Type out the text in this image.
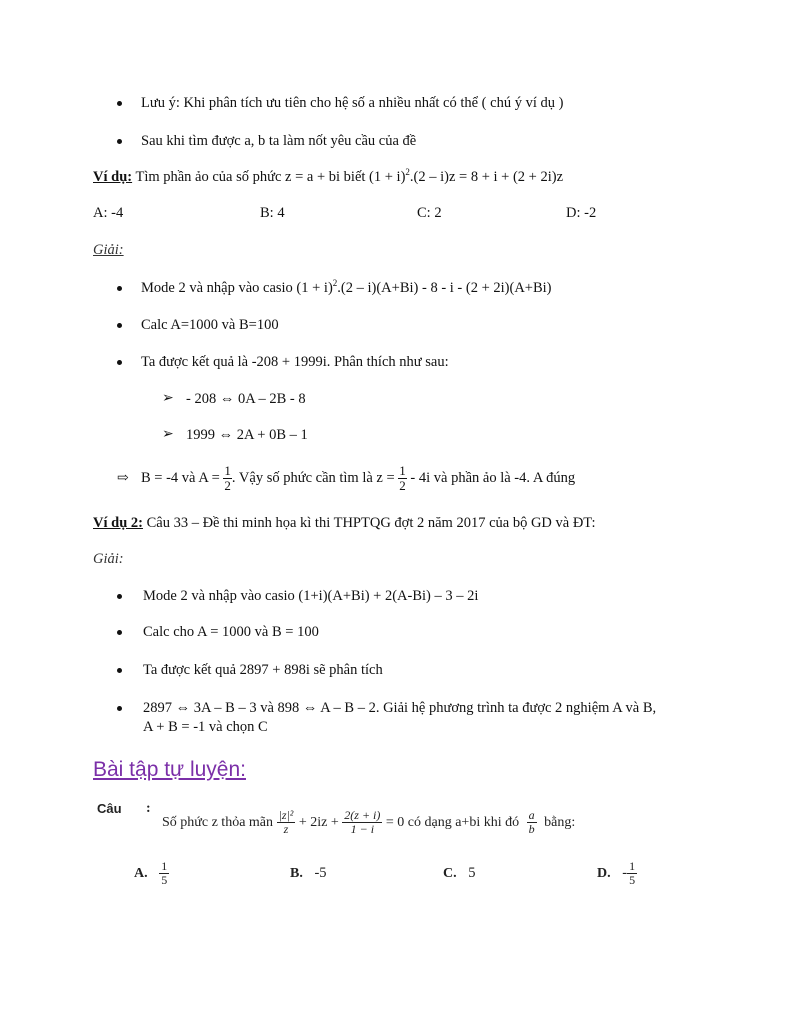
Lưu ý: Khi phân tích ưu tiên cho hệ số a nhiều nhất có thể ( chú ý ví dụ )
Sau khi tìm được a, b ta làm nốt yêu cầu của đề
Ví dụ: Tìm phần ảo của số phức z = a + bi biết $(1 + i)^2.(2 - i)z = 8 + i + (2 + 2i)z$
A: -4	B: 4	C: 2	D: -2
Giải:
Mode 2 và nhập vào casio $(1 + i)^2.(2 - i)(A+Bi) - 8 - i - (2 + 2i)(A+Bi)$
Calc A=1000 và B=100
Ta được kết quả là -208 + 1999i. Phân thích như sau:
➢ - 208 ⇔ 0A – 2B - 8
➢ 1999 ⇔ 2A + 0B – 1
⇨ B = -4 và $A = \frac{1}{2}$ . Vậy số phức cần tìm là $z = \frac{1}{2} - 4i$ và phần ảo là -4. A đúng
Ví dụ 2: Câu 33 – Đề thi minh họa kì thi THPTQG đợt 2 năm 2017 của bộ GD và ĐT:
Giải:
Mode 2 và nhập vào casio (1+i)(A+Bi) + 2(A-Bi) – 3 – 2i
Calc cho A = 1000 và B = 100
Ta được kết quả 2897 + 898i sẽ phân tích
2897 ⇔ 3A – B – 3 và 898 ⇔ A – B – 2. Giải hệ phương trình ta được 2 nghiệm A và B,
A + B = -1 và chọn C
Bài tập tự luyện:
Câu :
Số phức z thỏa mãn $\frac{\text{|z|²}}{z} + 2iz + \frac{2(z + i)}{1 - i} = 0$ có dạng a+bi khi đó $\frac{a}{b}$ bằng:
A. $\frac{1}{5}$	B. -5	C. 5	D. - $\frac{1}{5}$
